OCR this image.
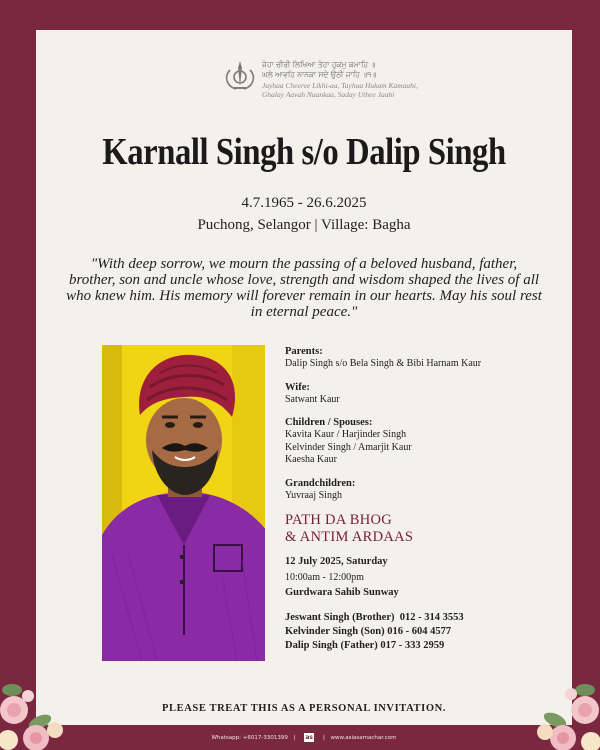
ਜੇਹਾ ਚੀਰੀ ਲਿਖਿਆ ਤੇਹਾ ਹੁਕਮੁ ਕਮਾਹਿ ॥
ਘਲੇ ਆਵਹਿ ਨਾਨਕਾ ਸਦੇ ਉਠੀ ਜਾਹਿ ॥੧॥
Jayhaa Cheeree Likhi-aa, Tayhaa Hukam Kamaahi,
Ghalay Aavah Naankaa, Saday Uthee Jaahi
Karnall Singh s/o Dalip Singh
4.7.1965 - 26.6.2025
Puchong, Selangor | Village: Bagha
"With deep sorrow, we mourn the passing of a beloved husband, father, brother, son and uncle whose love, strength and wisdom shaped the lives of all who knew him. His memory will forever remain in our hearts. May his soul rest in eternal peace."

Parents:

Dalip Singh s/o Bela Singh & Bibi Harnam Kaur

Wife:

Satwant Kaur

Children / Spouses:

Kavita Kaur / Harjinder Singh
Kelvinder Singh / Amarjit Kaur
Kaesha Kaur

Grandchildren:

Yuvraaj Singh

PATH DA BHOG
& ANTIM ARDAAS
12 July 2025, Saturday
10:00am - 12:00pm
Gurdwara Sahib Sunway
Jeswant Singh (Brother)  012 - 314 3553
Kelvinder Singh (Son) 016 - 604 4577
Dalip Singh (Father) 017 - 333 2959
PLEASE TREAT THIS AS A PERSONAL INVITATION.
Whatsapp: +6017-3301399 | as | www.asiasamachar.com
